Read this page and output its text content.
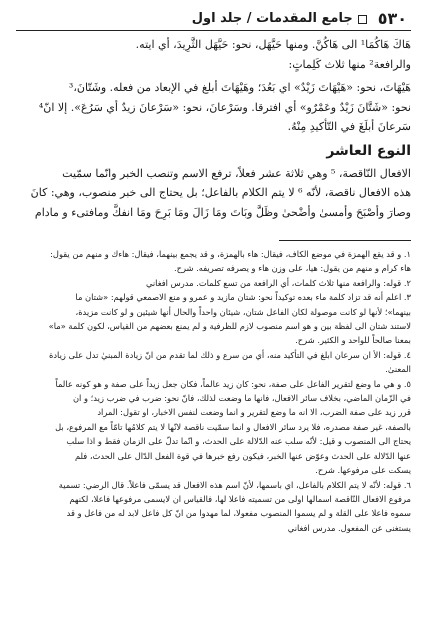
٥٣٠
جامع المقدمات / جلد اول

هَاكَ هَاكُمَا¹ الى هَاكُنَّ. ومنها حَيَّهَل، نحو: حَيَّهَل الثَّرِيدَ، أي ايته.

والرافعة² منها ثلاث كَلِماتٍ:

هَيْهَاتَ، نحو: «هَيْهَاتَ زَيْدٌ» اي بَعُدَ؛ وهَيْهَاتَ أبلغ في الإبعاد من فعله. وشَتّانَ،³

نحو: «شَتَّانَ زَيْدٌ وعَمْرٌو» أي افترقا. وسَرْعانَ، نحو: «سَرْعانَ زيدٌ أي سَرُعَ». إلا انّ⁴

سَرعانَ أبلَغَ في التّأكيدِ مِنْهُ.

النوع العاشر

الافعال النّاقصة، ⁵ وهي ثلاثة عشر فعلاً، ترفع الاسم وتنصب الخبر وانّما سمّيت

هذه الافعال ناقصة، لأنّه ⁶ لا يتم الكلام بالفاعل؛ بل يحتاج الى خبر منصوب، وهي: كانَ

وصارَ وأصْبَحَ وأمسىٰ وأضْحىٰ وظَلَّ وبَاتَ ومَا زَالَ ومَا بَرِحَ ومَا انفكَّ ومافتىء و مادام

١. و قد يقع الهمزة في موضع الكاف، فيقال: هاء بالهمزة، و قد يجمع بينهما، فيقال: هاءك و منهم من يقول:

هاء كرام و منهم من يقول: هيا، على وزن هاء و يصرفه تصريفه. شرح.

٢. قوله: والرافعة منها ثلاث كلمات، أي الرافعة من تسع كلمات. مدرس افغاني

٣. اعلم أنه قد تزاد كلمة ماء بعده توكيداً نحو: شتان مازيد و عمرو و منع الاصمعي قولهم: «شتان ما

بينهما»؛ لأنها لو كانت موصولة لكان الفاعل شتان، شيئان واحداً والحال أنها شيئين و لو كانت مزيدة،

لاستند شتان الى لفظة بين و هو اسم منصوب لازم للظرفية و لم يمنع بعضهم من القياس، لكون كلمة «ما»

بمعنا صالحاً للواحد و الكثير. شرح.

٤. قوله: الأ ان سرعان ابلغ في التأكيد منه، أي من سرع و ذلك لما تقدم من انّ زيادة المبنيٰ تدل على زيادة

المعنىٰ.

٥. و هي ما وضع لتقرير الفاعل على صفة، نحو: كان زيد عالماً، فكان جعل زيداً على صفة و هو كونه عالماً

في الزّمان الماضي، بخلاف سائر الافعال، فانها ما وضعت لذلك، فانّ نحو: ضرب في ضرب زيد؛ و ان

قرر زيد على صفة الضرب، الا انه ما وضع لتقرير و انما وضعت لنفس الاخبار، او تقول: المراد

بالصفة، غير صفة مصدره، فلا يرد سائر الافعال و انما سمّيت ناقصة لانّها لا يتم كلامُها تامّاً مع المرفوع، بل

يحتاج الى المنصوب و قيل: لأنّه سلب عنه الدّلالة على الحدث، و انّما تدلّ على الزمان فقط و اذا سلب

عنها الدّلالة على الحدث وعوّض عنها الخبر، فيكون رفع خبرها في قوة الفعل الدّال على الحدث، فلم

يسكت على مرفوعها. شرح.

٦. قوله: لأنّه لا يتم الكلام بالفاعل، اي باسمها، لأنّ اسم هذه الافعال قد يسمّى فاعلاً. قال الرضي: تسمية

مرفوع الافعال النّاقصة اسمالها اولى من تسميته فاعلا لها، فالقياس ان لايسمى مرفوعها فاعلا، لكنهم

سموه فاعلا على القلة و لم يسموا المنصوب مفعولا، لما مهدوا من انّ كل فاعل لابد له من فاعل و قد

يستغنى عن المفعول. مدرس افغاني
